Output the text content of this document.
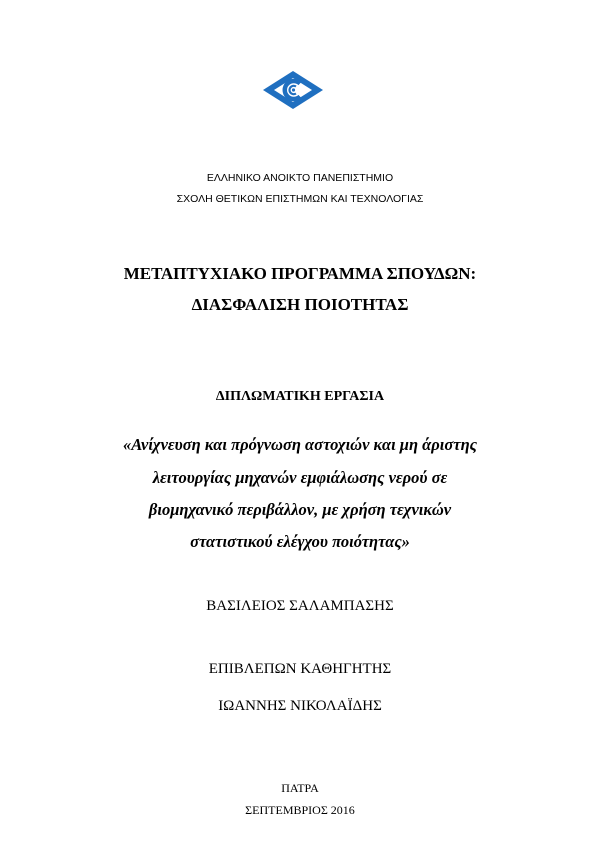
ΕΛΛΗΝΙΚΟ ΑΝΟΙΚΤΟ ΠΑΝΕΠΙΣΤΗΜΙΟ
ΣΧΟΛΗ ΘΕΤΙΚΩΝ ΕΠΙΣΤΗΜΩΝ ΚΑΙ ΤΕΧΝΟΛΟΓΙΑΣ
ΜΕΤΑΠΤΥΧΙΑΚΟ ΠΡΟΓΡΑΜΜΑ ΣΠΟΥΔΩΝ:
ΔΙΑΣΦΑΛΙΣΗ ΠΟΙΟΤΗΤΑΣ
ΔΙΠΛΩΜΑΤΙΚΗ ΕΡΓΑΣΙΑ
«Ανίχνευση και πρόγνωση αστοχιών και μη άριστης
λειτουργίας μηχανών εμφιάλωσης νερού σε
βιομηχανικό περιβάλλον, με χρήση τεχνικών
στατιστικού ελέγχου ποιότητας»
ΒΑΣΙΛΕΙΟΣ ΣΑΛΑΜΠΑΣΗΣ
ΕΠΙΒΛΕΠΩΝ ΚΑΘΗΓΗΤΗΣ
ΙΩΑΝΝΗΣ ΝΙΚΟΛΑΪΔΗΣ
ΠΑΤΡΑ
ΣΕΠΤΕΜΒΡΙΟΣ 2016
